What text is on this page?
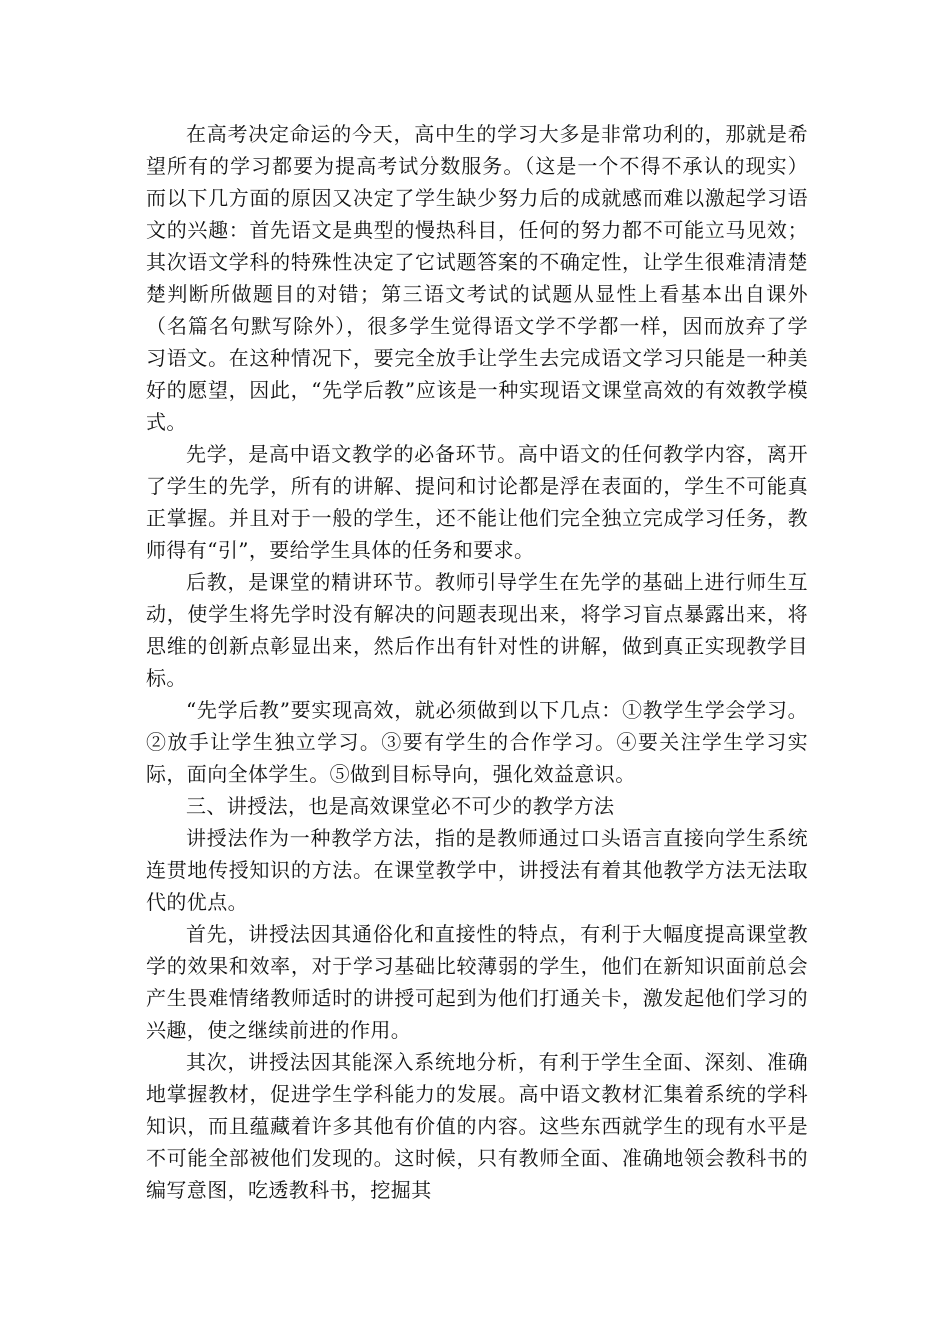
在高考决定命运的今天，高中生的学习大多是非常功利的，那就是希望所有的学习都要为提高考试分数服务。（这是一个不得不承认的现实）而以下几方面的原因又决定了学生缺少努力后的成就感而难以激起学习语文的兴趣：首先语文是典型的慢热科目，任何的努力都不可能立马见效；其次语文学科的特殊性决定了它试题答案的不确定性，让学生很难清清楚楚判断所做题目的对错；第三语文考试的试题从显性上看基本出自课外（名篇名句默写除外），很多学生觉得语文学不学都一样，因而放弃了学习语文。在这种情况下，要完全放手让学生去完成语文学习只能是一种美好的愿望，因此，“先学后教”应该是一种实现语文课堂高效的有效教学模式。

先学，是高中语文教学的必备环节。高中语文的任何教学内容，离开了学生的先学，所有的讲解、提问和讨论都是浮在表面的，学生不可能真正掌握。并且对于一般的学生，还不能让他们完全独立完成学习任务，教师得有“引”，要给学生具体的任务和要求。

后教，是课堂的精讲环节。教师引导学生在先学的基础上进行师生互动，使学生将先学时没有解决的问题表现出来，将学习盲点暴露出来，将思维的创新点彰显出来，然后作出有针对性的讲解，做到真正实现教学目标。

“先学后教”要实现高效，就必须做到以下几点：①教学生学会学习。②放手让学生独立学习。③要有学生的合作学习。④要关注学生学习实际，面向全体学生。⑤做到目标导向，强化效益意识。

三、讲授法，也是高效课堂必不可少的教学方法

讲授法作为一种教学方法，指的是教师通过口头语言直接向学生系统连贯地传授知识的方法。在课堂教学中，讲授法有着其他教学方法无法取代的优点。

首先，讲授法因其通俗化和直接性的特点，有利于大幅度提高课堂教学的效果和效率，对于学习基础比较薄弱的学生，他们在新知识面前总会产生畏难情绪教师适时的讲授可起到为他们打通关卡，激发起他们学习的兴趣，使之继续前进的作用。

其次，讲授法因其能深入系统地分析，有利于学生全面、深刻、准确地掌握教材，促进学生学科能力的发展。高中语文教材汇集着系统的学科知识，而且蕴藏着许多其他有价值的内容。这些东西就学生的现有水平是不可能全部被他们发现的。这时候，只有教师全面、准确地领会教科书的编写意图，吃透教科书，挖掘其
